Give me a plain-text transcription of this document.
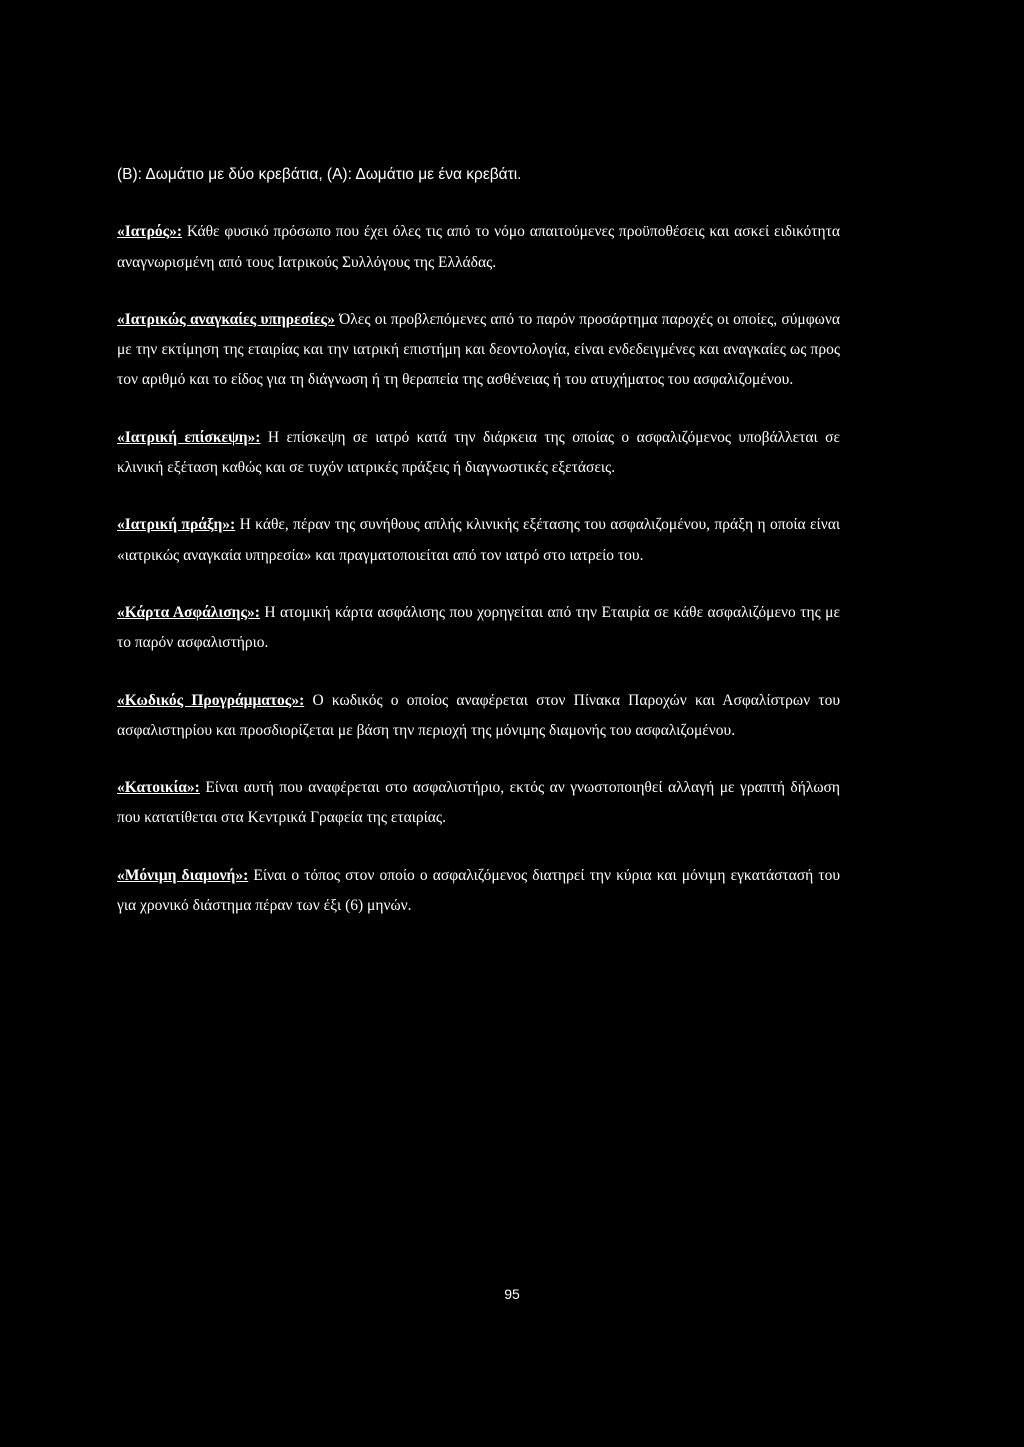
(Β): Δωμάτιο με δύο κρεβάτια, (Α): Δωμάτιο με ένα κρεβάτι.

«Ιατρός»: Κάθε φυσικό πρόσωπο που έχει όλες τις από το νόμο απαιτούμενες προϋποθέσεις και ασκεί ειδικότητα αναγνωρισμένη από τους Ιατρικούς Συλλόγους της Ελλάδας.

«Ιατρικώς αναγκαίες υπηρεσίες» Όλες οι προβλεπόμενες από το παρόν προσάρτημα παροχές οι οποίες, σύμφωνα με την εκτίμηση της εταιρίας και την ιατρική επιστήμη και δεοντολογία, είναι ενδεδειγμένες και αναγκαίες ως προς τον αριθμό και το είδος για τη διάγνωση ή τη θεραπεία της ασθένειας ή του ατυχήματος του ασφαλιζομένου.

«Ιατρική επίσκεψη»: Η επίσκεψη σε ιατρό κατά την διάρκεια της οποίας ο ασφαλιζόμενος υποβάλλεται σε κλινική εξέταση καθώς και σε τυχόν ιατρικές πράξεις ή διαγνωστικές εξετάσεις.

«Ιατρική πράξη»: Η κάθε, πέραν της συνήθους απλής κλινικής εξέτασης του ασφαλιζομένου, πράξη η οποία είναι «ιατρικώς αναγκαία υπηρεσία» και πραγματοποιείται από τον ιατρό στο ιατρείο του.

«Κάρτα Ασφάλισης»: Η ατομική κάρτα ασφάλισης που χορηγείται από την Εταιρία σε κάθε ασφαλιζόμενο της με το παρόν ασφαλιστήριο.

«Κωδικός Προγράμματος»: Ο κωδικός ο οποίος αναφέρεται στον Πίνακα Παροχών και Ασφαλίστρων του ασφαλιστηρίου και προσδιορίζεται με βάση την περιοχή της μόνιμης διαμονής του ασφαλιζομένου.

«Κατοικία»: Είναι αυτή που αναφέρεται στο ασφαλιστήριο, εκτός αν γνωστοποιηθεί αλλαγή με γραπτή δήλωση που κατατίθεται στα Κεντρικά Γραφεία της εταιρίας.

«Μόνιμη διαμονή»: Είναι ο τόπος στον οποίο ο ασφαλιζόμενος διατηρεί την κύρια και μόνιμη εγκατάστασή του για χρονικό διάστημα πέραν των έξι (6) μηνών.

95
